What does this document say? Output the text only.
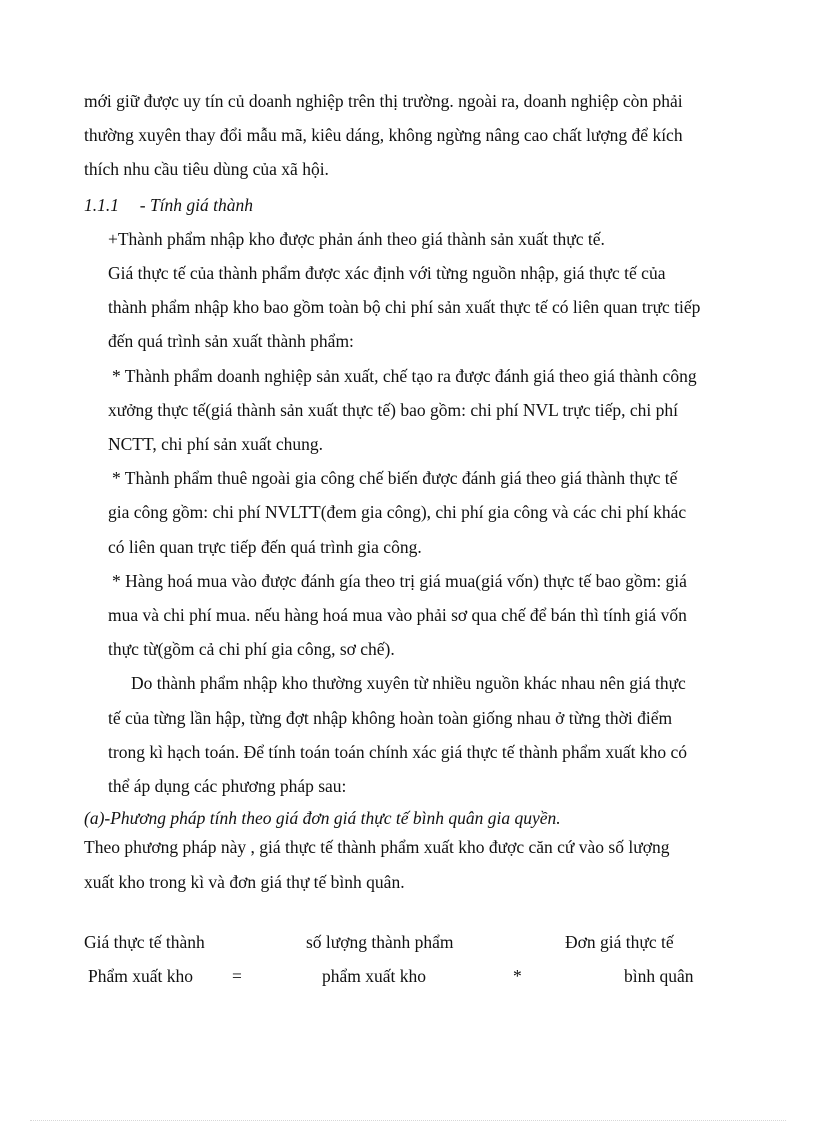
mới giữ được uy tín củ doanh nghiệp trên thị trường. ngoài ra, doanh nghiệp còn phải
thường xuyên thay đổi mẫu mã, kiêu dáng, không ngừng nâng cao chất lượng để kích
thích nhu cầu tiêu dùng của xã hội.
1.1.1 - Tính giá thành
+Thành phẩm nhập kho được phản ánh theo giá thành sản xuất thực tế.
Giá thực tế của thành phẩm được xác định với từng nguồn nhập, giá thực tế của
thành phẩm nhập kho bao gồm toàn bộ chi phí sản xuất thực tế có liên quan trực tiếp
đến quá trình sản xuất thành phẩm:
* Thành phẩm doanh nghiệp sản xuất, chế tạo ra được đánh giá theo giá thành công
xưởng thực tế(giá thành sản xuất thực tế) bao gồm: chi phí NVL trực tiếp, chi phí
NCTT, chi phí sản xuất chung.
* Thành phẩm thuê ngoài gia công chế biến được đánh giá theo giá thành thực tế
gia công gồm: chi phí NVLTT(đem gia công), chi phí gia công và các chi phí khác
có liên quan trực tiếp đến quá trình gia công.
* Hàng hoá mua vào được đánh gía theo trị giá mua(giá vốn) thực tế bao gồm: giá
mua và chi phí mua. nếu hàng hoá mua vào phải sơ qua chế để bán thì tính giá vốn
thực từ(gồm cả chi phí gia công, sơ chế).
Do thành phẩm nhập kho thường xuyên từ nhiều nguồn khác nhau nên giá thực
tế của từng lần hập, từng đợt nhập không hoàn toàn giống nhau ở từng thời điểm
trong kì hạch toán. Để tính toán toán chính xác giá thực tế thành phẩm xuất kho có
thể áp dụng các phương pháp sau:
(a)-Phương pháp tính theo giá đơn giá thực tế bình quân gia quyền.
Theo phương pháp này , giá thực tế thành phẩm xuất kho được căn cứ vào số lượng
xuất kho trong kì và đơn giá thự tế bình quân.
Giá thực tế thành
Phẩm xuất kho =
số lượng thành phẩm
phẩm xuất kho	*
Đơn giá thực tế
bình quân
